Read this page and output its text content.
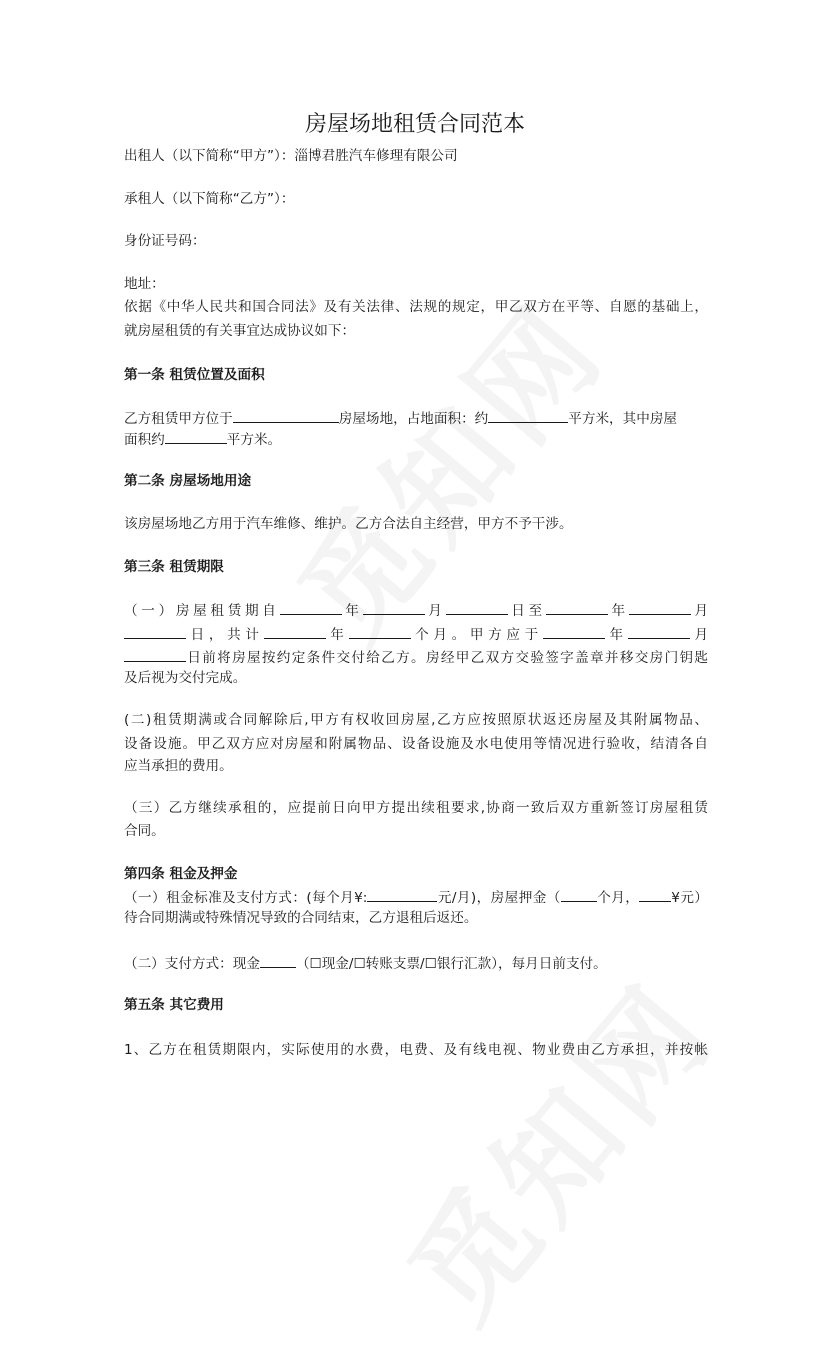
房屋场地租赁合同范本
出租人（以下简称“甲方”）：淄博君胜汽车修理有限公司
承租人（以下简称“乙方”）：
身份证号码：
地址：
依据《中华人民共和国合同法》及有关法律、法规的规定，甲乙双方在平等、自愿的基础上，
就房屋租赁的有关事宜达成协议如下：
第一条 租赁位置及面积
乙方租赁甲方位于	房屋场地，占地面积：约	平方米，其中房屋
面积约	平方米。
第二条 房屋场地用途
该房屋场地乙方用于汽车维修、维护。乙方合法自主经营，甲方不予干涉。
第三条 租赁期限
（一）房屋租赁期自	年	月	日至	年	月
日，共计	年	个月。甲方应于	年	月
日前将房屋按约定条件交付给乙方。房经甲乙双方交验签字盖章并移交房门钥匙
及后视为交付完成。
(二)租赁期满或合同解除后,甲方有权收回房屋,乙方应按照原状返还房屋及其附属物品、
设备设施。甲乙双方应对房屋和附属物品、设备设施及水电使用等情况进行验收，结清各自
应当承担的费用。
（三）乙方继续承租的，应提前日向甲方提出续租要求,协商一致后双方重新签订房屋租赁
合同。
第四条 租金及押金
（一）租金标准及支付方式：(每个月¥:	元/月)，房屋押金（	个月， ¥元）
待合同期满或特殊情况导致的合同结束，乙方退租后返还。
（二）支付方式：现金	（☐现金/☐转账支票/☐银行汇款），每月日前支付。
第五条 其它费用
1、乙方在租赁期限内，实际使用的水费，电费、及有线电视、物业费由乙方承担，并按帐
